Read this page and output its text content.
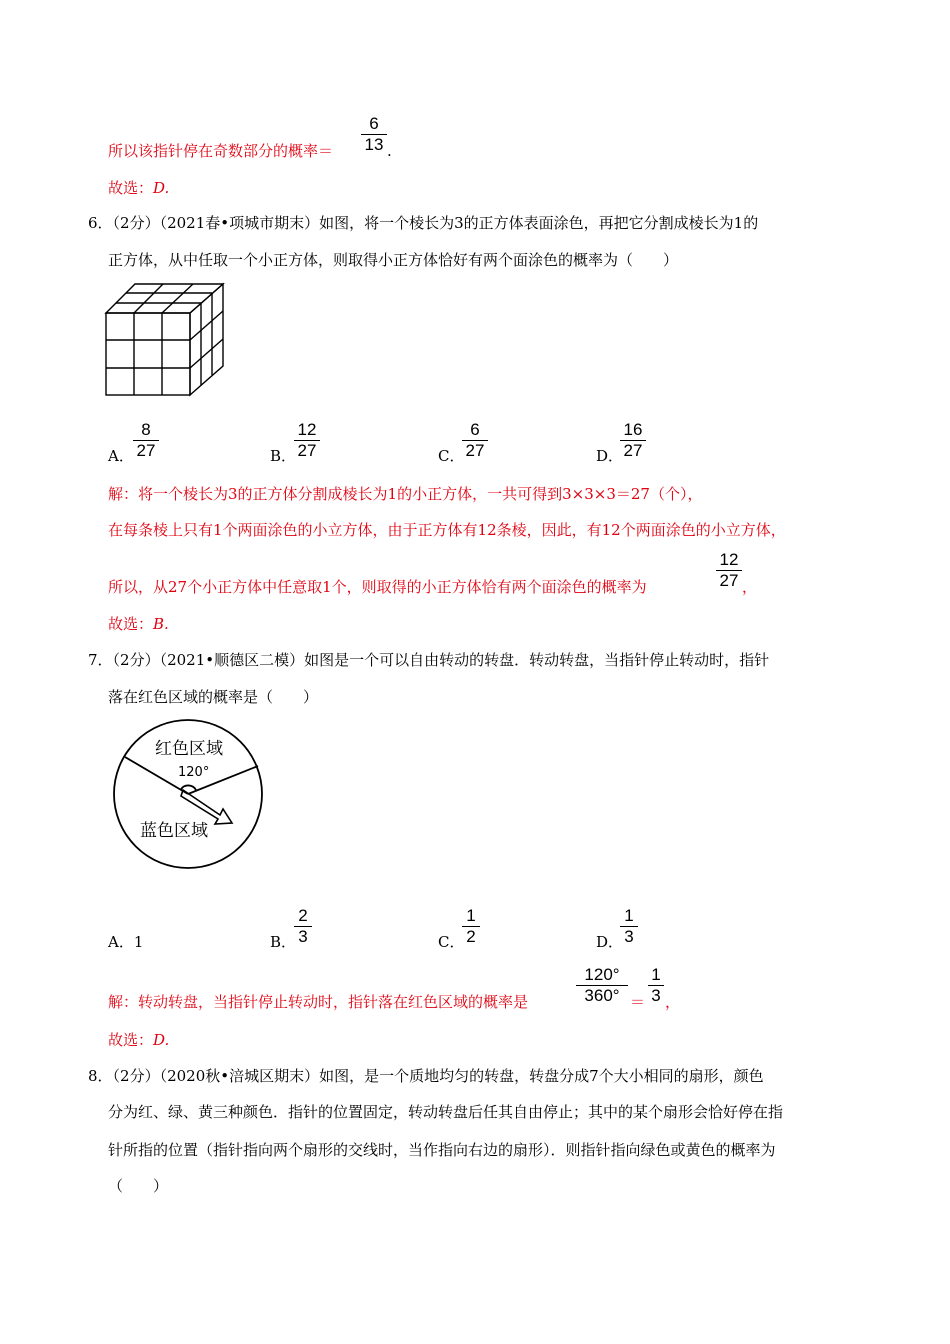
所以该指针停在奇数部分的概率＝
6
13 .
故选：D.
6．（2分）（2021春•项城市期末）如图，将一个棱长为3的正方体表面涂色，再把它分割成棱长为1的
正方体，从中任取一个小正方体，则取得小正方体恰好有两个面涂色的概率为（　　）
A．
8
27	B．
12
27	C．
6
27	D．
16
27
解：将一个棱长为3的正方体分割成棱长为1的小正方体，一共可得到3×3×3＝27（个），
在每条棱上只有1个两面涂色的小立方体，由于正方体有12条棱，因此，有12个两面涂色的小立方体，
所以，从27个小正方体中任意取1个，则取得的小正方体恰有两个面涂色的概率为
12
27 ，
故选：B.
7．（2分）（2021•顺德区二模）如图是一个可以自由转动的转盘．转动转盘，当指针停止转动时，指针
落在红色区域的概率是（　　）
红色区域
120°
蓝色区域
A．1	B．
2
3	C．
1
2	D．
1
3
解：转动转盘，当指针停止转动时，指针落在红色区域的概率是
120°
360° ＝
1
3 ，
故选：D.
8．（2分）（2020秋•涪城区期末）如图，是一个质地均匀的转盘，转盘分成7个大小相同的扇形，颜色
分为红、绿、黄三种颜色．指针的位置固定，转动转盘后任其自由停止；其中的某个扇形会恰好停在指
针所指的位置（指针指向两个扇形的交线时，当作指向右边的扇形）．则指针指向绿色或黄色的概率为
（　　）
